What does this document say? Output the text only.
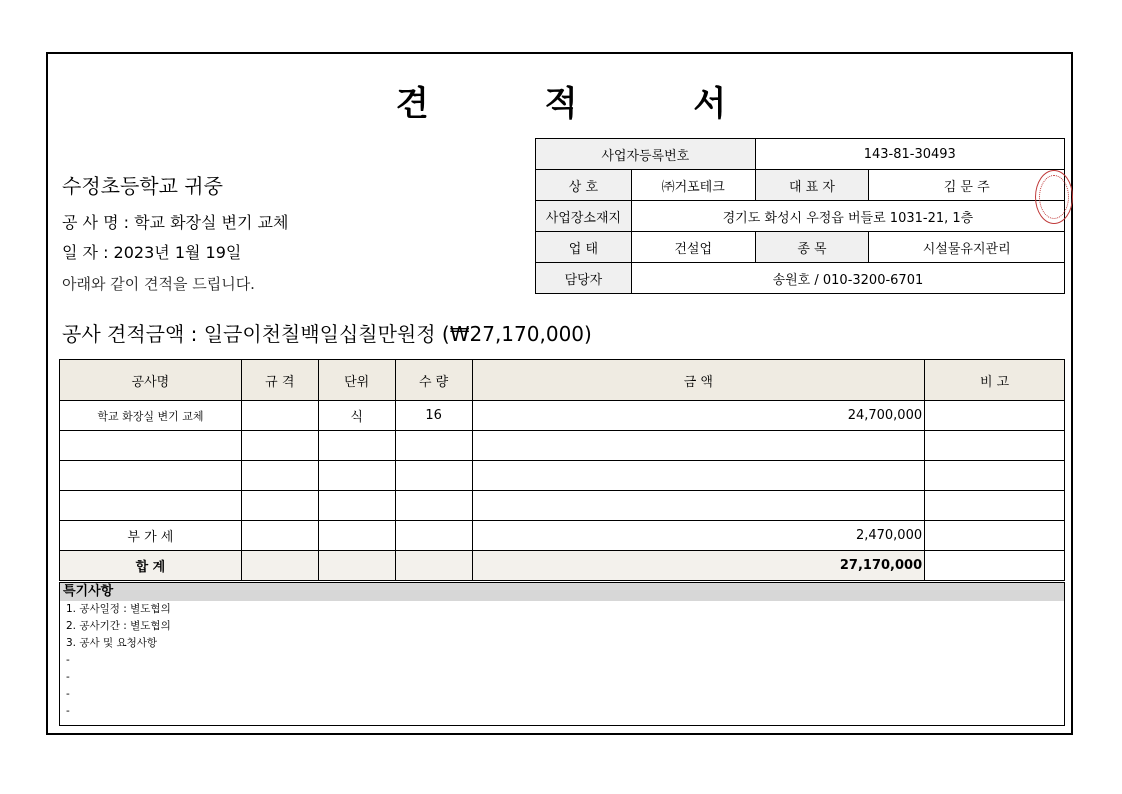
견 적 서
수정초등학교 귀중
공 사 명 : 학교 화장실 변기 교체
일 자 : 2023년 1월 19일
아래와 같이 견적을 드립니다.
사업자등록번호		143-81-30493	
상 호	㈜거포테크	대 표 자	김 문 주
사업장소재지	경기도 화성시 우정읍 버들로 1031-21, 1층		
업 태	건설업	종 목	시설물유지관리
담당자	송원호 / 010-3200-6701		
공사 견적금액 : 일금이천칠백일십칠만원정 (₩27,170,000)
공사명	규 격	단위	수 량	금 액	비 고
학교 화장실 변기 교체		식	16	24,700,000	

부 가 세				2,470,000	
합 계				27,170,000	
특기사항
1. 공사일정 : 별도협의
2. 공사기간 : 별도협의
3. 공사 및 요청사항
-
-
-
-
